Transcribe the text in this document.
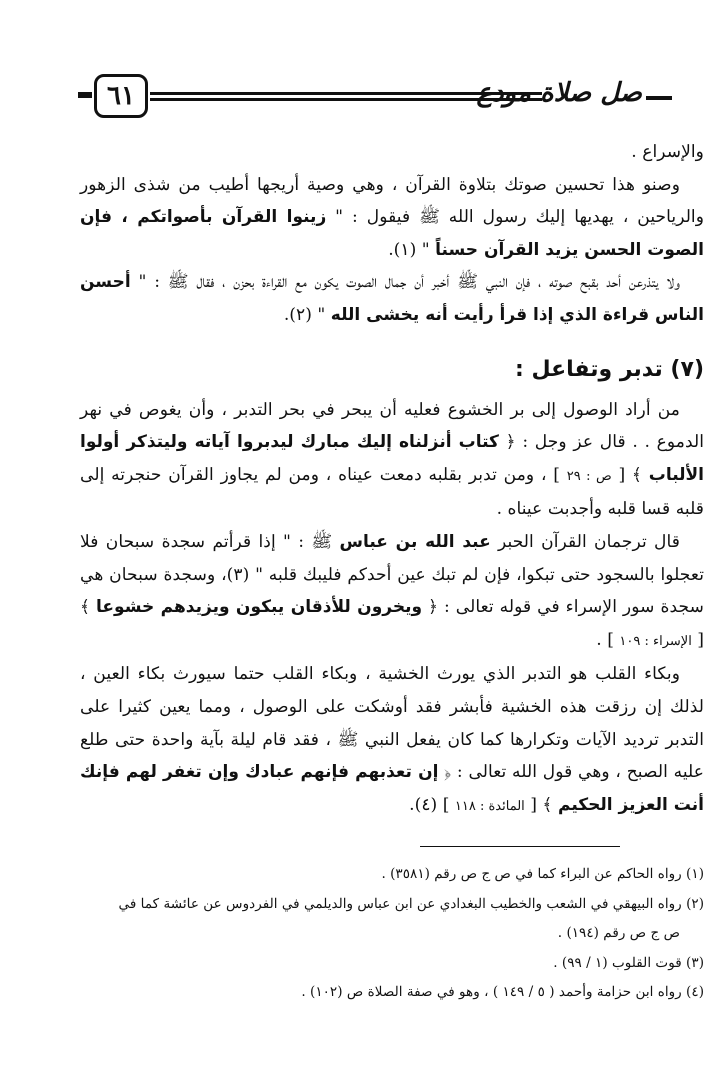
٦١	صل صلاة مودع

والإسراع .

وصنو هذا تحسين صوتك بتلاوة القرآن ، وهي وصية أريجها أطيب من شذى الزهور والرياحين ، يهديها إليك رسول الله ﷺ فيقول : " زينوا القرآن بأصواتكم ، فإن الصوت الحسن يزيد القرآن حسناً " (١).

ولا يتذرعن أحد بقبح صوته ، فإن النبي ﷺ أخبر أن جمال الصوت يكون مع القراءة بحزن ، فقال ﷺ : " أحسن الناس قراءة الذي إذا قرأ رأيت أنه يخشى الله " (٢).

(٧) تدبر وتفاعل :

من أراد الوصول إلى بر الخشوع فعليه أن يبحر في بحر التدبر ، وأن يغوص في نهر الدموع . . قال عز وجل : ﴿ كتاب أنزلناه إليك مبارك ليدبروا آياته وليتذكر أولوا الألباب ﴾ [ ص : ٢٩ ] ، ومن تدبر بقلبه دمعت عيناه ، ومن لم يجاوز القرآن حنجرته إلى قلبه قسا قلبه وأجدبت عيناه .

قال ترجمان القرآن الحبر عبد الله بن عباس ﷺ : " إذا قرأتم سجدة سبحان فلا تعجلوا بالسجود حتى تبكوا، فإن لم تبك عين أحدكم فليبك قلبه " (٣)، وسجدة سبحان هي سجدة سور الإسراء في قوله تعالى : ﴿ ويخرون للأذقان يبكون ويزيدهم خشوعا ﴾ [ الإسراء : ١٠٩ ] .

وبكاء القلب هو التدبر الذي يورث الخشية ، وبكاء القلب حتما سيورث بكاء العين ، لذلك إن رزقت هذه الخشية فأبشر فقد أوشكت على الوصول ، ومما يعين كثيرا على التدبر ترديد الآيات وتكرارها كما كان يفعل النبي ﷺ ، فقد قام ليلة بآية واحدة حتى طلع عليه الصبح ، وهي قول الله تعالى : ﴿ إن تعذبهم فإنهم عبادك وإن تغفر لهم فإنك أنت العزيز الحكيم ﴾ [ المائدة : ١١٨ ] (٤).

(١) رواه الحاكم عن البراء كما في ص ج ص رقم (٣٥٨١) .

(٢) رواه البيهقي في الشعب والخطيب البغدادي عن ابن عباس والديلمي في الفردوس عن عائشة كما في

ص ج ص رقم (١٩٤) .

(٣) قوت القلوب (١ / ٩٩) .

(٤) رواه ابن حزامة وأحمد ( ٥ / ١٤٩ ) ، وهو في صفة الصلاة ص (١٠٢) .
